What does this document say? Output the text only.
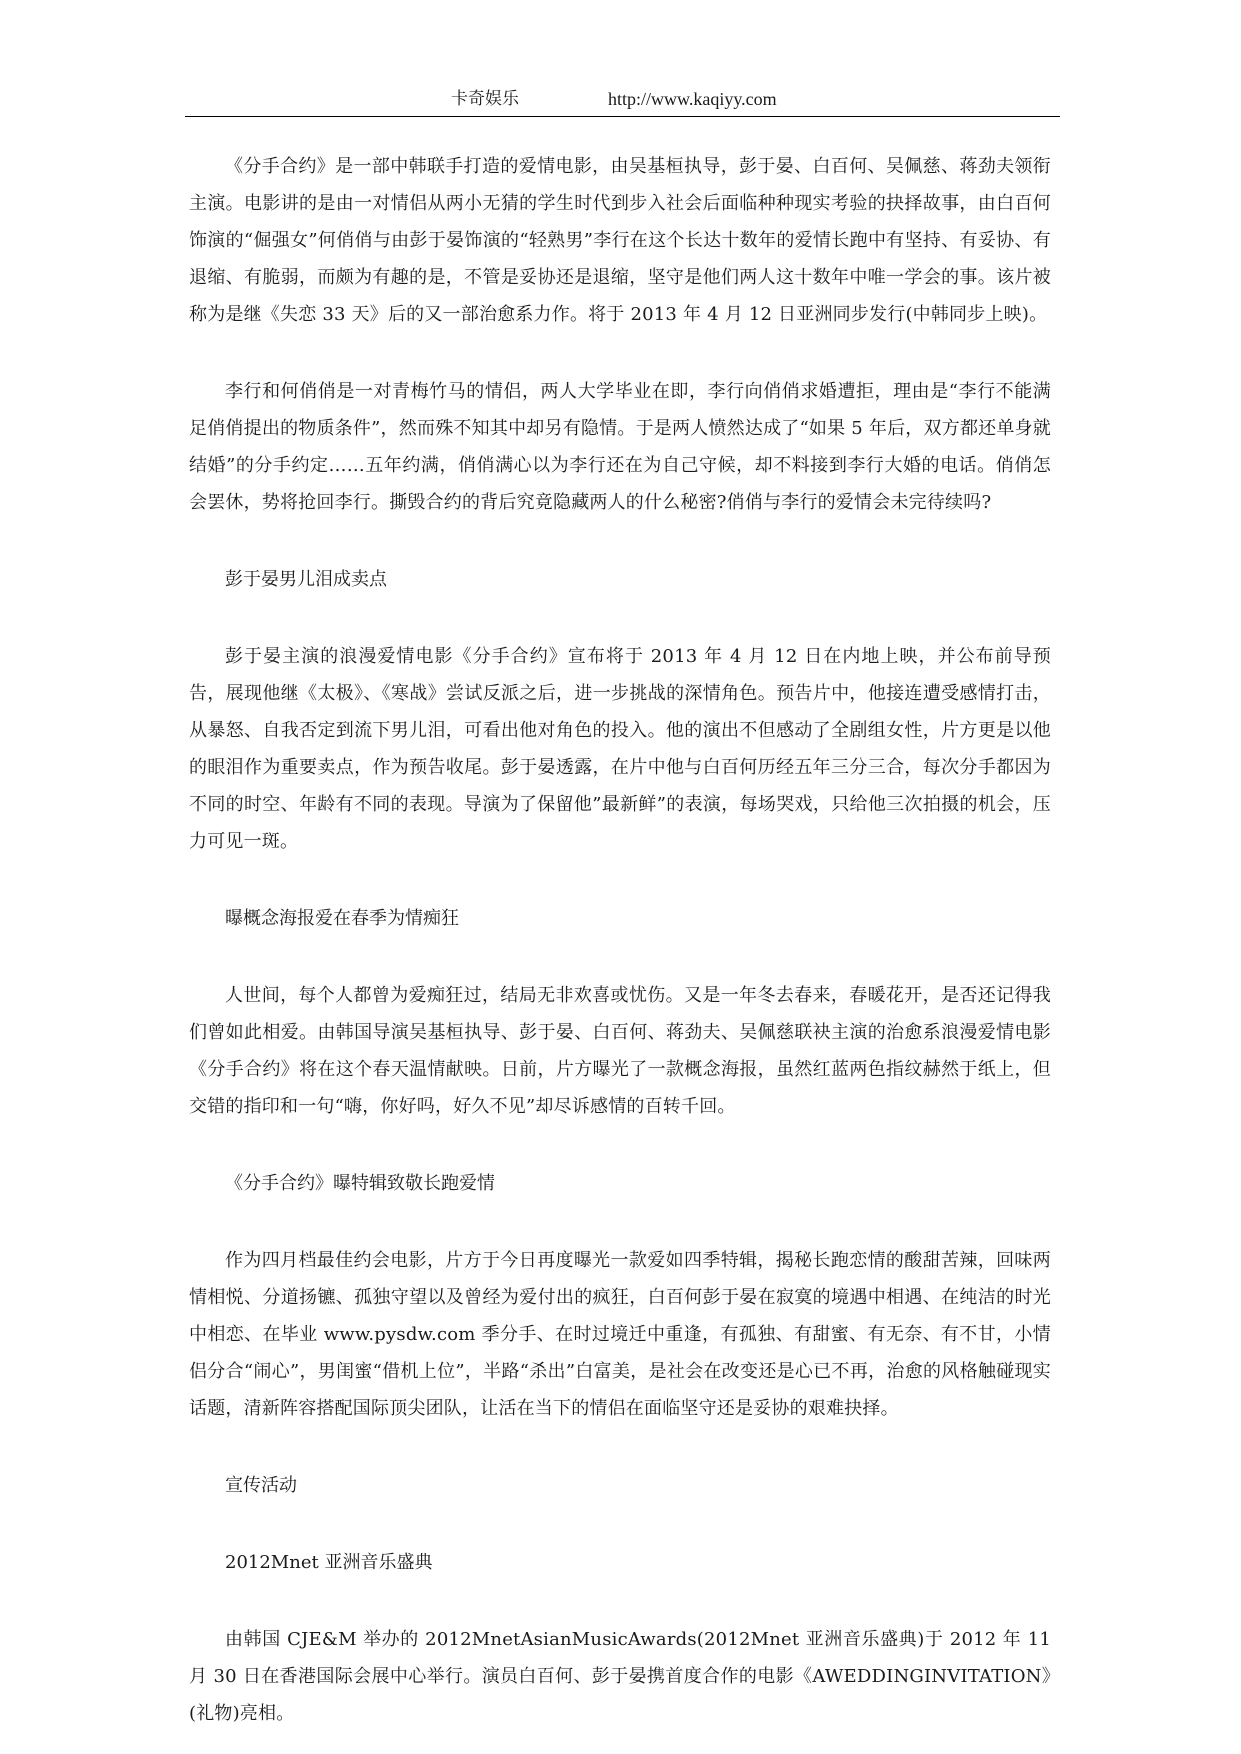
卡奇娱乐	http://www.kaqiyy.com

《分手合约》是一部中韩联手打造的爱情电影，由吴基桓执导，彭于晏、白百何、吴佩慈、蒋劲夫领衔主演。电影讲的是由一对情侣从两小无猜的学生时代到步入社会后面临种种现实考验的抉择故事，由白百何饰演的“倔强女”何俏俏与由彭于晏饰演的“轻熟男”李行在这个长达十数年的爱情长跑中有坚持、有妥协、有退缩、有脆弱，而颇为有趣的是，不管是妥协还是退缩，坚守是他们两人这十数年中唯一学会的事。该片被称为是继《失恋 33 天》后的又一部治愈系力作。将于 2013 年 4 月 12 日亚洲同步发行(中韩同步上映)。

李行和何俏俏是一对青梅竹马的情侣，两人大学毕业在即，李行向俏俏求婚遭拒，理由是“李行不能满足俏俏提出的物质条件”，然而殊不知其中却另有隐情。于是两人愤然达成了“如果 5 年后，双方都还单身就结婚”的分手约定……五年约满，俏俏满心以为李行还在为自己守候，却不料接到李行大婚的电话。俏俏怎会罢休，势将抢回李行。撕毁合约的背后究竟隐藏两人的什么秘密?俏俏与李行的爱情会未完待续吗?

彭于晏男儿泪成卖点

彭于晏主演的浪漫爱情电影《分手合约》宣布将于 2013 年 4 月 12 日在内地上映，并公布前导预告，展现他继《太极》、《寒战》尝试反派之后，进一步挑战的深情角色。预告片中，他接连遭受感情打击，从暴怒、自我否定到流下男儿泪，可看出他对角色的投入。他的演出不但感动了全剧组女性，片方更是以他的眼泪作为重要卖点，作为预告收尾。彭于晏透露，在片中他与白百何历经五年三分三合，每次分手都因为不同的时空、年龄有不同的表现。导演为了保留他”最新鲜”的表演，每场哭戏，只给他三次拍摄的机会，压力可见一斑。

曝概念海报爱在春季为情痴狂

人世间，每个人都曾为爱痴狂过，结局无非欢喜或忧伤。又是一年冬去春来，春暖花开，是否还记得我们曾如此相爱。由韩国导演吴基桓执导、彭于晏、白百何、蒋劲夫、吴佩慈联袂主演的治愈系浪漫爱情电影《分手合约》将在这个春天温情献映。日前，片方曝光了一款概念海报，虽然红蓝两色指纹赫然于纸上，但交错的指印和一句“嗨，你好吗，好久不见”却尽诉感情的百转千回。

《分手合约》曝特辑致敬长跑爱情

作为四月档最佳约会电影，片方于今日再度曝光一款爱如四季特辑，揭秘长跑恋情的酸甜苦辣，回味两情相悦、分道扬镳、孤独守望以及曾经为爱付出的疯狂，白百何彭于晏在寂寞的境遇中相遇、在纯洁的时光中相恋、在毕业 www.pysdw.com 季分手、在时过境迁中重逢，有孤独、有甜蜜、有无奈、有不甘，小情侣分合“闹心”，男闺蜜“借机上位”，半路“杀出”白富美，是社会在改变还是心已不再，治愈的风格触碰现实话题，清新阵容搭配国际顶尖团队，让活在当下的情侣在面临坚守还是妥协的艰难抉择。

宣传活动

2012Mnet 亚洲音乐盛典

由韩国 CJE&M 举办的 2012MnetAsianMusicAwards(2012Mnet 亚洲音乐盛典)于 2012 年 11 月 30 日在香港国际会展中心举行。演员白百何、彭于晏携首度合作的电影《AWEDDINGINVITATION》(礼物)亮相。
